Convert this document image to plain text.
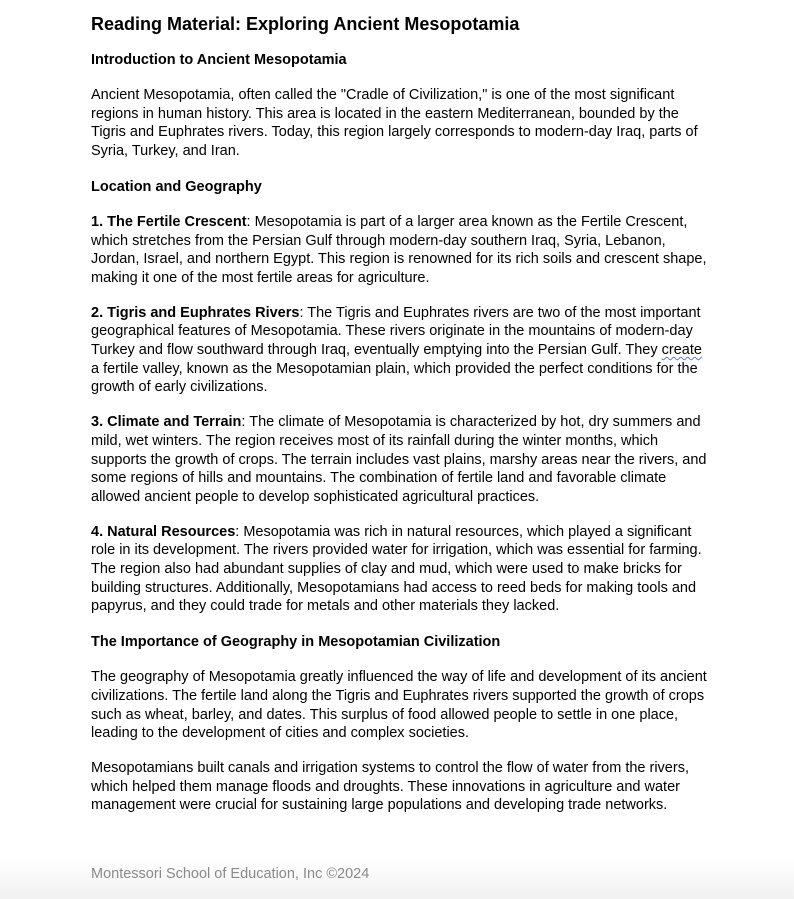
Reading Material: Exploring Ancient Mesopotamia
Introduction to Ancient Mesopotamia

Ancient Mesopotamia, often called the "Cradle of Civilization," is one of the most significant
regions in human history. This area is located in the eastern Mediterranean, bounded by the
Tigris and Euphrates rivers. Today, this region largely corresponds to modern-day Iraq, parts of
Syria, Turkey, and Iran.

Location and Geography

1. The Fertile Crescent: Mesopotamia is part of a larger area known as the Fertile Crescent,
which stretches from the Persian Gulf through modern-day southern Iraq, Syria, Lebanon,
Jordan, Israel, and northern Egypt. This region is renowned for its rich soils and crescent shape,
making it one of the most fertile areas for agriculture.

2. Tigris and Euphrates Rivers: The Tigris and Euphrates rivers are two of the most important
geographical features of Mesopotamia. These rivers originate in the mountains of modern-day
Turkey and flow southward through Iraq, eventually emptying into the Persian Gulf. They create
a fertile valley, known as the Mesopotamian plain, which provided the perfect conditions for the
growth of early civilizations.

3. Climate and Terrain: The climate of Mesopotamia is characterized by hot, dry summers and
mild, wet winters. The region receives most of its rainfall during the winter months, which
supports the growth of crops. The terrain includes vast plains, marshy areas near the rivers, and
some regions of hills and mountains. The combination of fertile land and favorable climate
allowed ancient people to develop sophisticated agricultural practices.

4. Natural Resources: Mesopotamia was rich in natural resources, which played a significant
role in its development. The rivers provided water for irrigation, which was essential for farming.
The region also had abundant supplies of clay and mud, which were used to make bricks for
building structures. Additionally, Mesopotamians had access to reed beds for making tools and
papyrus, and they could trade for metals and other materials they lacked.

The Importance of Geography in Mesopotamian Civilization

The geography of Mesopotamia greatly influenced the way of life and development of its ancient
civilizations. The fertile land along the Tigris and Euphrates rivers supported the growth of crops
such as wheat, barley, and dates. This surplus of food allowed people to settle in one place,
leading to the development of cities and complex societies.

Mesopotamians built canals and irrigation systems to control the flow of water from the rivers,
which helped them manage floods and droughts. These innovations in agriculture and water
management were crucial for sustaining large populations and developing trade networks.

Montessori School of Education, Inc ©2024
